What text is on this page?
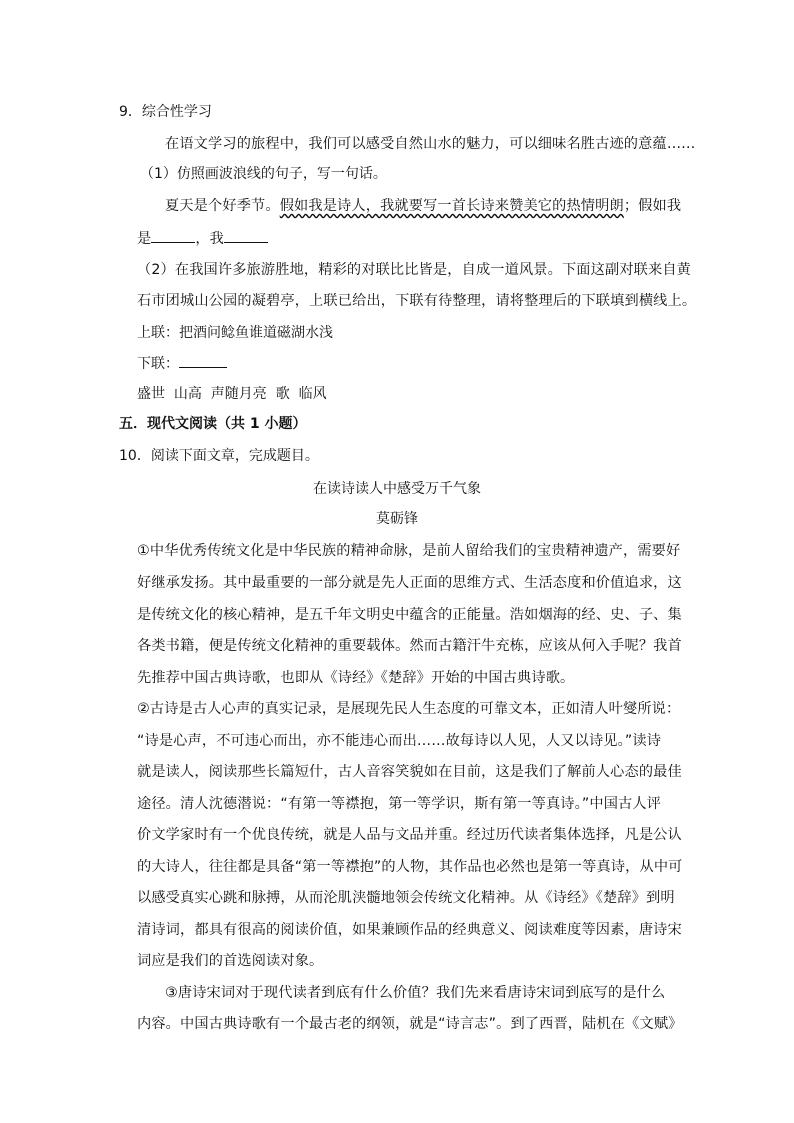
9．综合性学习
在语文学习的旅程中，我们可以感受自然山水的魅力，可以细味名胜古迹的意蕴……
（1）仿照画波浪线的句子，写一句话。
夏天是个好季节。假如我是诗人，我就要写一首长诗来赞美它的热情明朗；假如我
是	，我
（2）在我国许多旅游胜地，精彩的对联比比皆是，自成一道风景。下面这副对联来自黄
石市团城山公园的凝碧亭，上联已给出，下联有待整理，请将整理后的下联填到横线上。
上联：把酒问鲶鱼谁道磁湖水浅
下联：
盛世  山高  声随月亮  歌  临风
五．现代文阅读（共 1 小题）
10．阅读下面文章，完成题目。
在读诗读人中感受万千气象
莫砺锋
①中华优秀传统文化是中华民族的精神命脉，是前人留给我们的宝贵精神遗产，需要好
好继承发扬。其中最重要的一部分就是先人正面的思维方式、生活态度和价值追求，这
是传统文化的核心精神，是五千年文明史中蕴含的正能量。浩如烟海的经、史、子、集
各类书籍，便是传统文化精神的重要载体。然而古籍汗牛充栋，应该从何入手呢？我首
先推荐中国古典诗歌，也即从《诗经》《楚辞》开始的中国古典诗歌。
②古诗是古人心声的真实记录，是展现先民人生态度的可靠文本，正如清人叶燮所说：
“诗是心声，不可违心而出，亦不能违心而出……故每诗以人见，人又以诗见。”读诗
就是读人，阅读那些长篇短什，古人音容笑貌如在目前，这是我们了解前人心态的最佳
途径。清人沈德潜说：“有第一等襟抱，第一等学识，斯有第一等真诗。”中国古人评
价文学家时有一个优良传统，就是人品与文品并重。经过历代读者集体选择，凡是公认
的大诗人，往往都是具备“第一等襟抱”的人物，其作品也必然也是第一等真诗，从中可
以感受真实心跳和脉搏，从而沦肌浃髓地领会传统文化精神。从《诗经》《楚辞》到明
清诗词，都具有很高的阅读价值，如果兼顾作品的经典意义、阅读难度等因素，唐诗宋
词应是我们的首选阅读对象。
③唐诗宋词对于现代读者到底有什么价值？我们先来看唐诗宋词到底写的是什么
内容。中国古典诗歌有一个最古老的纲领，就是“诗言志”。到了西晋，陆机在《文赋》
